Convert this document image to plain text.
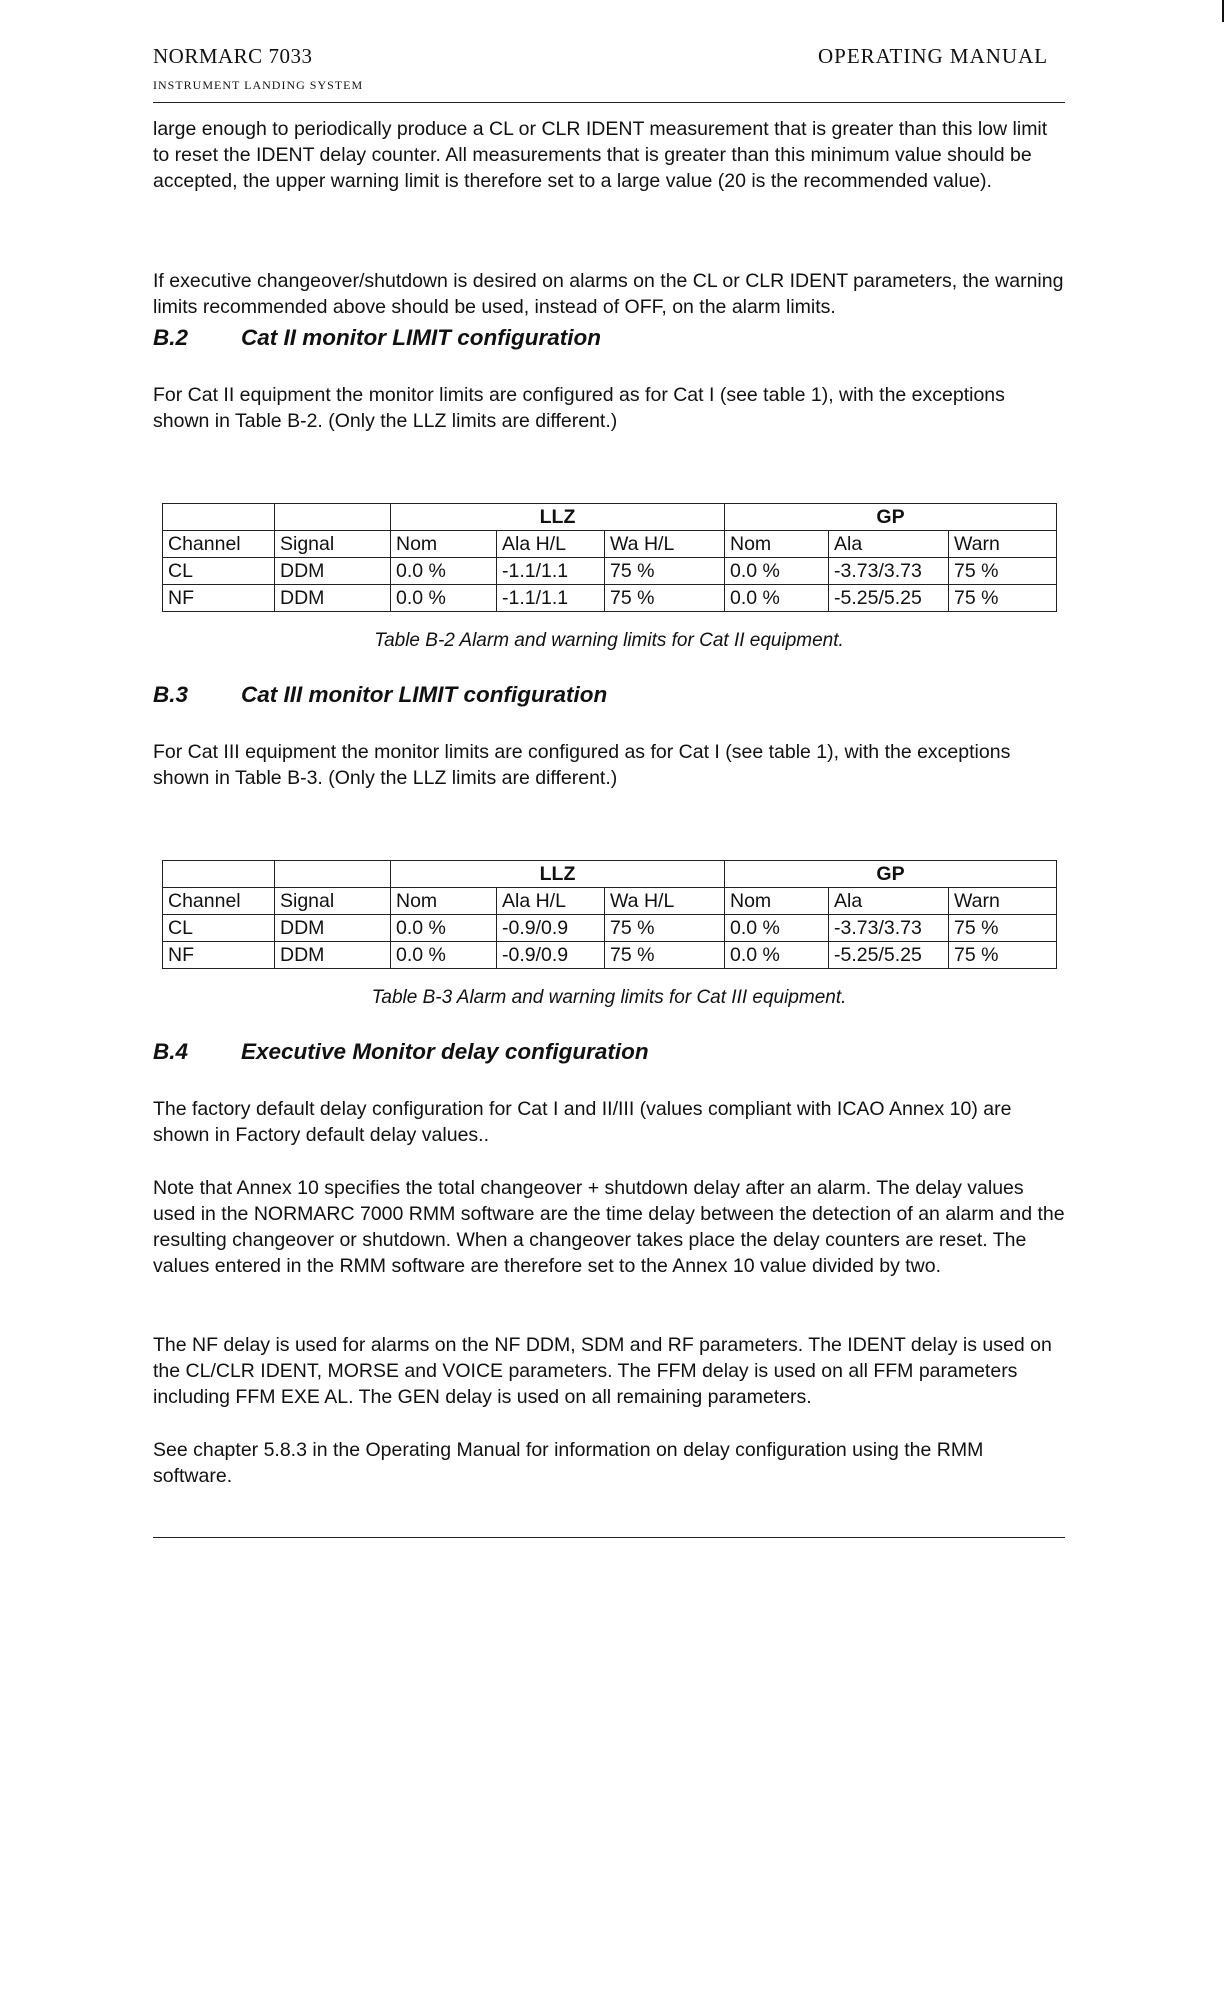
NORMARC 7033
INSTRUMENT LANDING SYSTEM
OPERATING MANUAL

large enough to periodically produce a CL or CLR IDENT measurement that is greater than this low limit to reset the IDENT delay counter. All measurements that is greater than this minimum value should be accepted, the upper warning limit is therefore set to a large value (20 is the recommended value).

If executive changeover/shutdown is desired on alarms on the CL or CLR IDENT parameters, the warning limits recommended above should be used, instead of OFF, on the alarm limits.

B.2 Cat II monitor LIMIT configuration

For Cat II equipment the monitor limits are configured as for Cat I (see table 1), with the exceptions shown in Table B-2. (Only the LLZ limits are different.)

		LLZ			GP		
Channel	Signal	Nom	Ala H/L	Wa H/L	Nom	Ala	Warn
CL	DDM	0.0 %	-1.1/1.1	75 %	0.0 %	-3.73/3.73	75 %
NF	DDM	0.0 %	-1.1/1.1	75 %	0.0 %	-5.25/5.25	75 %
Table B-2 Alarm and warning limits for Cat II equipment.
B.3 Cat III monitor LIMIT configuration

For Cat III equipment the monitor limits are configured as for Cat I (see table 1), with the exceptions shown in Table B-3. (Only the LLZ limits are different.)

		LLZ			GP		
Channel	Signal	Nom	Ala H/L	Wa H/L	Nom	Ala	Warn
CL	DDM	0.0 %	-0.9/0.9	75 %	0.0 %	-3.73/3.73	75 %
NF	DDM	0.0 %	-0.9/0.9	75 %	0.0 %	-5.25/5.25	75 %
Table B-3 Alarm and warning limits for Cat III equipment.
B.4 Executive Monitor delay configuration

The factory default delay configuration for Cat I and II/III (values compliant with ICAO Annex 10) are shown in Factory default delay values..

Note that Annex 10 specifies the total changeover + shutdown delay after an alarm. The delay values used in the NORMARC 7000 RMM software are the time delay between the detection of an alarm and the resulting changeover or shutdown. When a changeover takes place the delay counters are reset. The values entered in the RMM software are therefore set to the Annex 10 value divided by two.

The NF delay is used for alarms on the NF DDM, SDM and RF parameters. The IDENT delay is used on the CL/CLR IDENT, MORSE and VOICE parameters. The FFM delay is used on all FFM parameters including FFM EXE AL. The GEN delay is used on all remaining parameters.

See chapter 5.8.3 in the Operating Manual for information on delay configuration using the RMM software.
